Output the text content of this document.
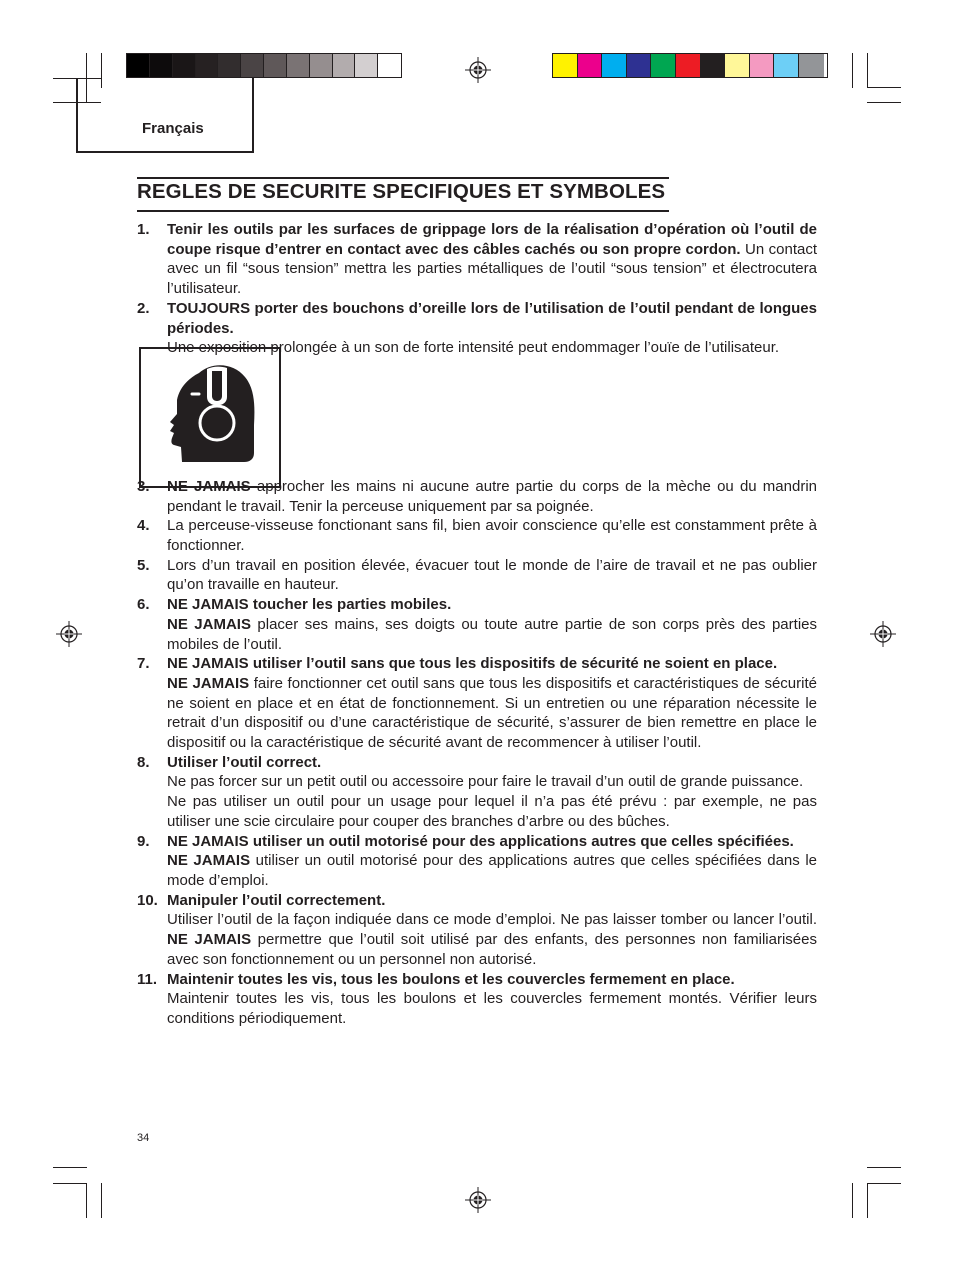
Français
REGLES DE SECURITE SPECIFIQUES ET SYMBOLES
1. Tenir les outils par les surfaces de grippage lors de la réalisation d’opération où l’outil de coupe risque d’entrer en contact avec des câbles cachés ou son propre cordon. Un contact avec un fil “sous tension” mettra les parties métalliques de l’outil “sous tension” et électrocutera l’utilisateur.

2. TOUJOURS porter des bouchons d’oreille lors de l’utilisation de l’outil pendant de longues périodes.

Une exposition prolongée à un son de forte intensité peut endommager l’ouïe de l’utilisateur.

3. NE JAMAIS approcher les mains ni aucune autre partie du corps de la mèche ou du mandrin pendant le travail. Tenir la perceuse uniquement par sa poignée.

4. La perceuse-visseuse fonctionant sans fil, bien avoir conscience qu’elle est constamment prête à fonctionner.

5. Lors d’un travail en position élevée, évacuer tout le monde de l’aire de travail et ne pas oublier qu’on travaille en hauteur.

6. NE JAMAIS toucher les parties mobiles.

NE JAMAIS placer ses mains, ses doigts ou toute autre partie de son corps près des parties mobiles de l’outil.

7. NE JAMAIS utiliser l’outil sans que tous les dispositifs de sécurité ne soient en place.

NE JAMAIS faire fonctionner cet outil sans que tous les dispositifs et caractéristiques de sécurité ne soient en place et en état de fonctionnement. Si un entretien ou une réparation nécessite le retrait d’un dispositif ou d’une caractéristique de sécurité, s’assurer de bien remettre en place le dispositif ou la caractéristique de sécurité avant de recommencer à utiliser l’outil.

8. Utiliser l’outil correct.

Ne pas forcer sur un petit outil ou accessoire pour faire le travail d’un outil de grande puissance.

Ne pas utiliser un outil pour un usage pour lequel il n’a pas été prévu : par exemple, ne pas utiliser une scie circulaire pour couper des branches d’arbre ou des bûches.

9. NE JAMAIS utiliser un outil motorisé pour des applications autres que celles spécifiées.

NE JAMAIS utiliser un outil motorisé pour des applications autres que celles spécifiées dans le mode d’emploi.

10. Manipuler l’outil correctement.

Utiliser l’outil de la façon indiquée dans ce mode d’emploi. Ne pas laisser tomber ou lancer l’outil. NE JAMAIS permettre que l’outil soit utilisé par des enfants, des personnes non familiarisées avec son fonctionnement ou un personnel non autorisé.

11. Maintenir toutes les vis, tous les boulons et les couvercles fermement en place.

Maintenir toutes les vis, tous les boulons et les couvercles fermement montés. Vérifier leurs conditions périodiquement.

34
